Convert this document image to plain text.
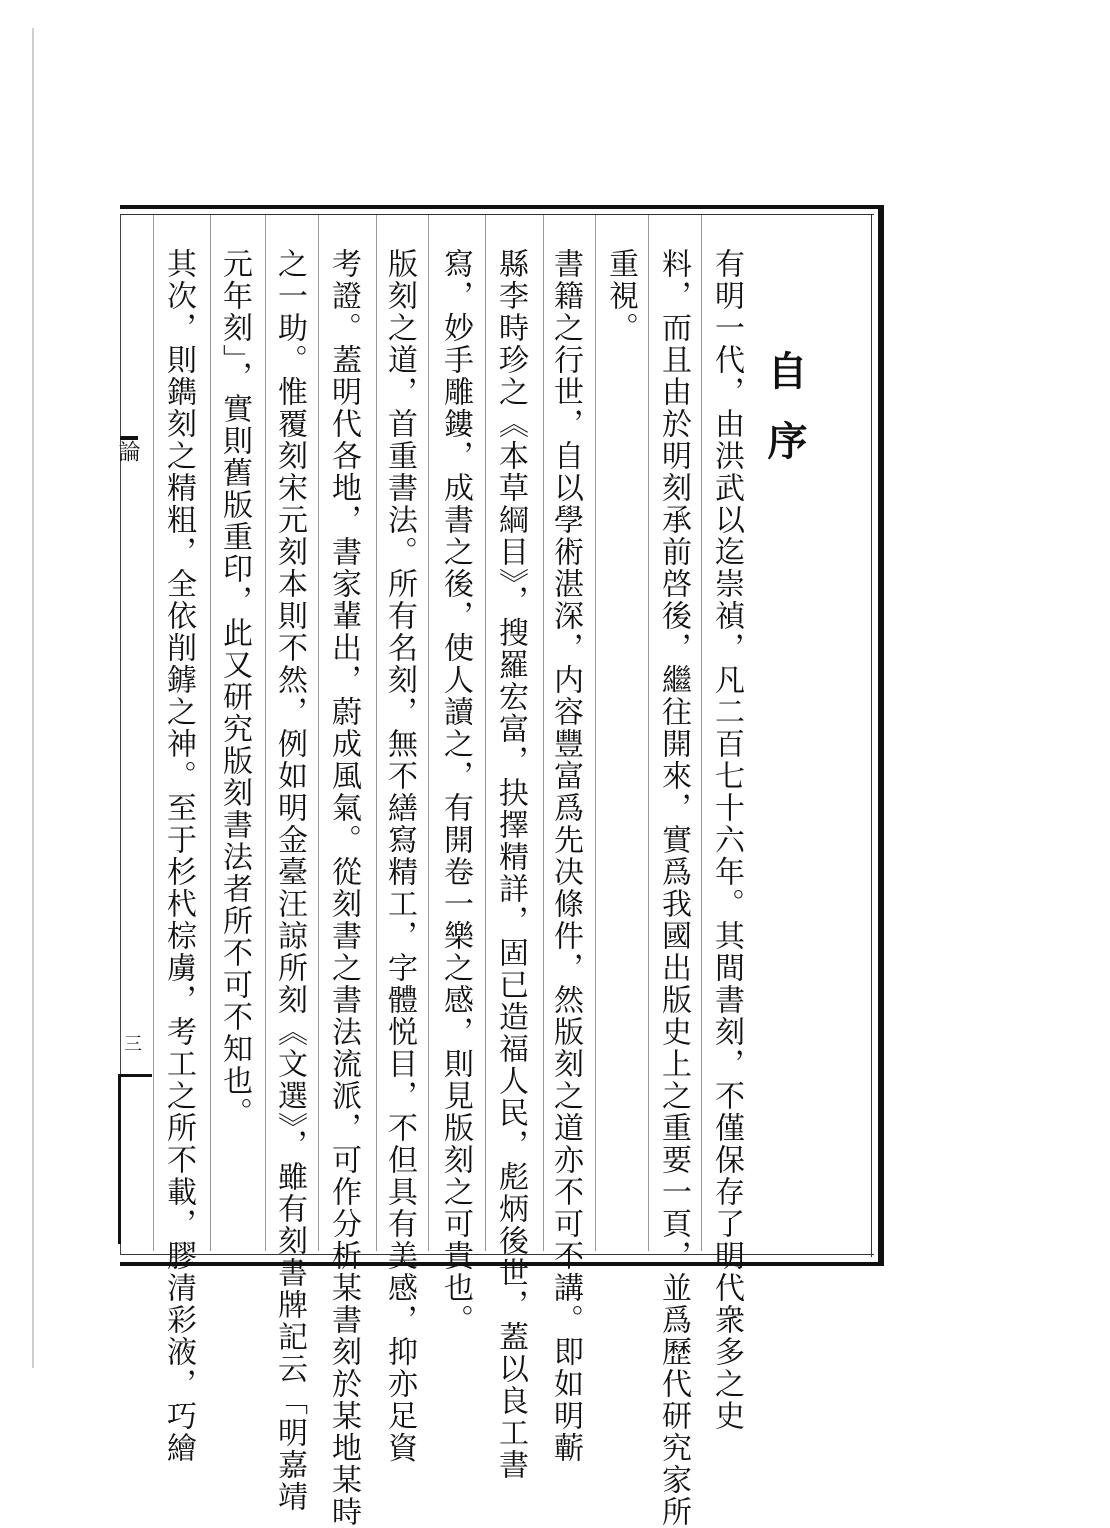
自序
有明一代，由洪武以迄崇禎，凡二百七十六年。其間書刻，不僅保存了明代衆多之史
料，而且由於明刻承前啓後，繼往開來，實爲我國出版史上之重要一頁，並爲歷代研究家所
重視。
書籍之行世，自以學術湛深，内容豐富爲先决條件，然版刻之道亦不可不講。即如明蘄
縣李時珍之《本草綱目》，搜羅宏富，抉擇精詳，固已造福人民，彪炳後世，蓋以良工書
寫，妙手雕鏤，成書之後，使人讀之，有開卷一樂之感，則見版刻之可貴也。
版刻之道，首重書法。所有名刻，無不繕寫精工，字體悦目，不但具有美感，抑亦足資
考證。蓋明代各地，書家輩出，蔚成風氣。從刻書之書法流派，可作分析某書刻於某地某時
之一助。惟覆刻宋元刻本則不然，例如明金臺汪諒所刻《文選》，雖有刻書牌記云「明嘉靖
元年刻」，實則舊版重印，此又研究版刻書法者所不可不知也。
其次，則鐫刻之精粗，全依削鎼之神。至于杉杙棕虜，考工之所不載，膠清彩液，巧繪
論
三
